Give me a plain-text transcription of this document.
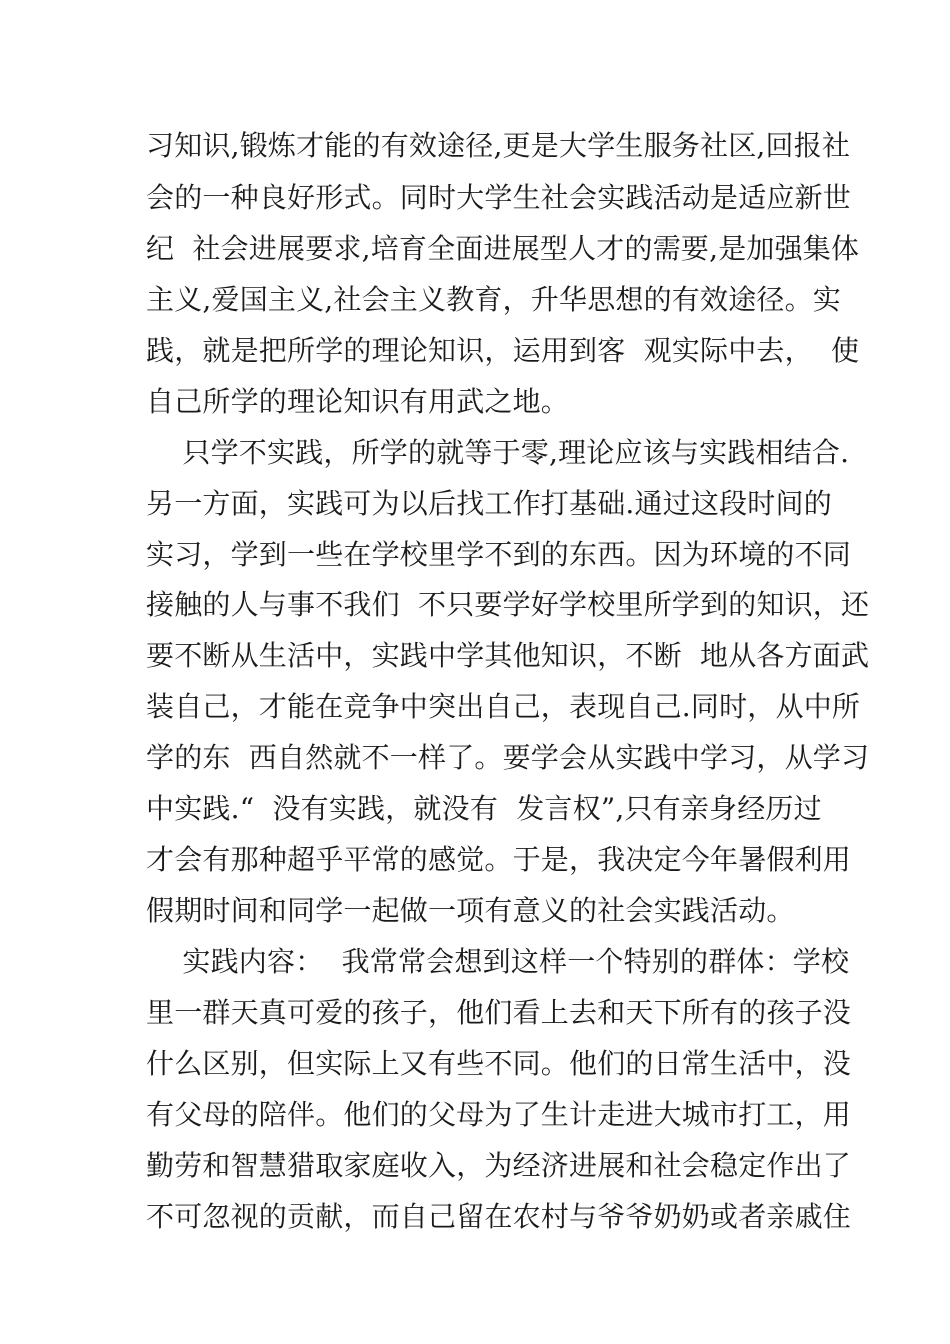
习知识,锻炼才能的有效途径,更是大学生服务社区,回报社
会的一种良好形式。同时大学生社会实践活动是适应新世
纪  社会进展要求,培育全面进展型人才的需要,是加强集体
主义,爱国主义,社会主义教育，升华思想的有效途径。实
践，就是把所学的理论知识，运用到客  观实际中去，  使
自己所学的理论知识有用武之地。
只学不实践，所学的就等于零,理论应该与实践相结合.
另一方面，实践可为以后找工作打基础.通过这段时间的
实习，学到一些在学校里学不到的东西。因为环境的不同
接触的人与事不我们  不只要学好学校里所学到的知识，还
要不断从生活中，实践中学其他知识，不断  地从各方面武
装自己，才能在竞争中突出自己，表现自己.同时，从中所
学的东  西自然就不一样了。要学会从实践中学习，从学习
中实践.“  没有实践，就没有  发言权”,只有亲身经历过
才会有那种超乎平常的感觉。于是，我决定今年暑假利用
假期时间和同学一起做一项有意义的社会实践活动。
实践内容：  我常常会想到这样一个特别的群体：学校
里一群天真可爱的孩子，他们看上去和天下所有的孩子没
什么区别，但实际上又有些不同。他们的日常生活中，没
有父母的陪伴。他们的父母为了生计走进大城市打工，用
勤劳和智慧猎取家庭收入，为经济进展和社会稳定作出了
不可忽视的贡献，而自己留在农村与爷爷奶奶或者亲戚住
